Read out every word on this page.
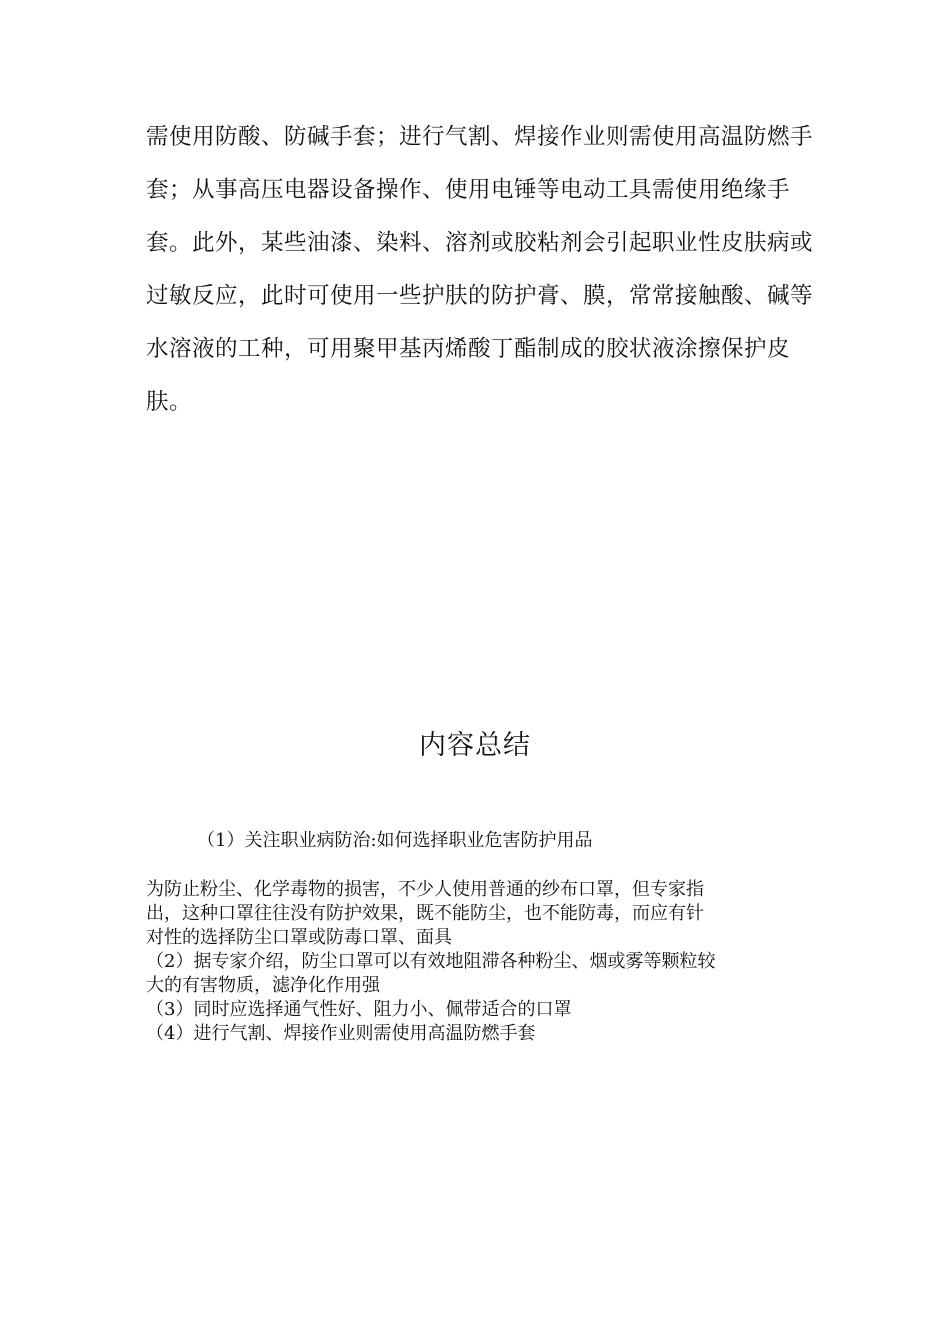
需使用防酸、防碱手套；进行气割、焊接作业则需使用高温防燃手
套；从事高压电器设备操作、使用电锤等电动工具需使用绝缘手
套。此外，某些油漆、染料、溶剂或胶粘剂会引起职业性皮肤病或
过敏反应，此时可使用一些护肤的防护膏、膜，常常接触酸、碱等
水溶液的工种，可用聚甲基丙烯酸丁酯制成的胶状液涂擦保护皮
肤。
内容总结
（1）关注职业病防治:如何选择职业危害防护用品
为防止粉尘、化学毒物的损害，不少人使用普通的纱布口罩，但专家指
出，这种口罩往往没有防护效果，既不能防尘，也不能防毒，而应有针
对性的选择防尘口罩或防毒口罩、面具
（2）据专家介绍，防尘口罩可以有效地阻滞各种粉尘、烟或雾等颗粒较
大的有害物质，滤净化作用强
（3）同时应选择通气性好、阻力小、佩带适合的口罩
（4）进行气割、焊接作业则需使用高温防燃手套
